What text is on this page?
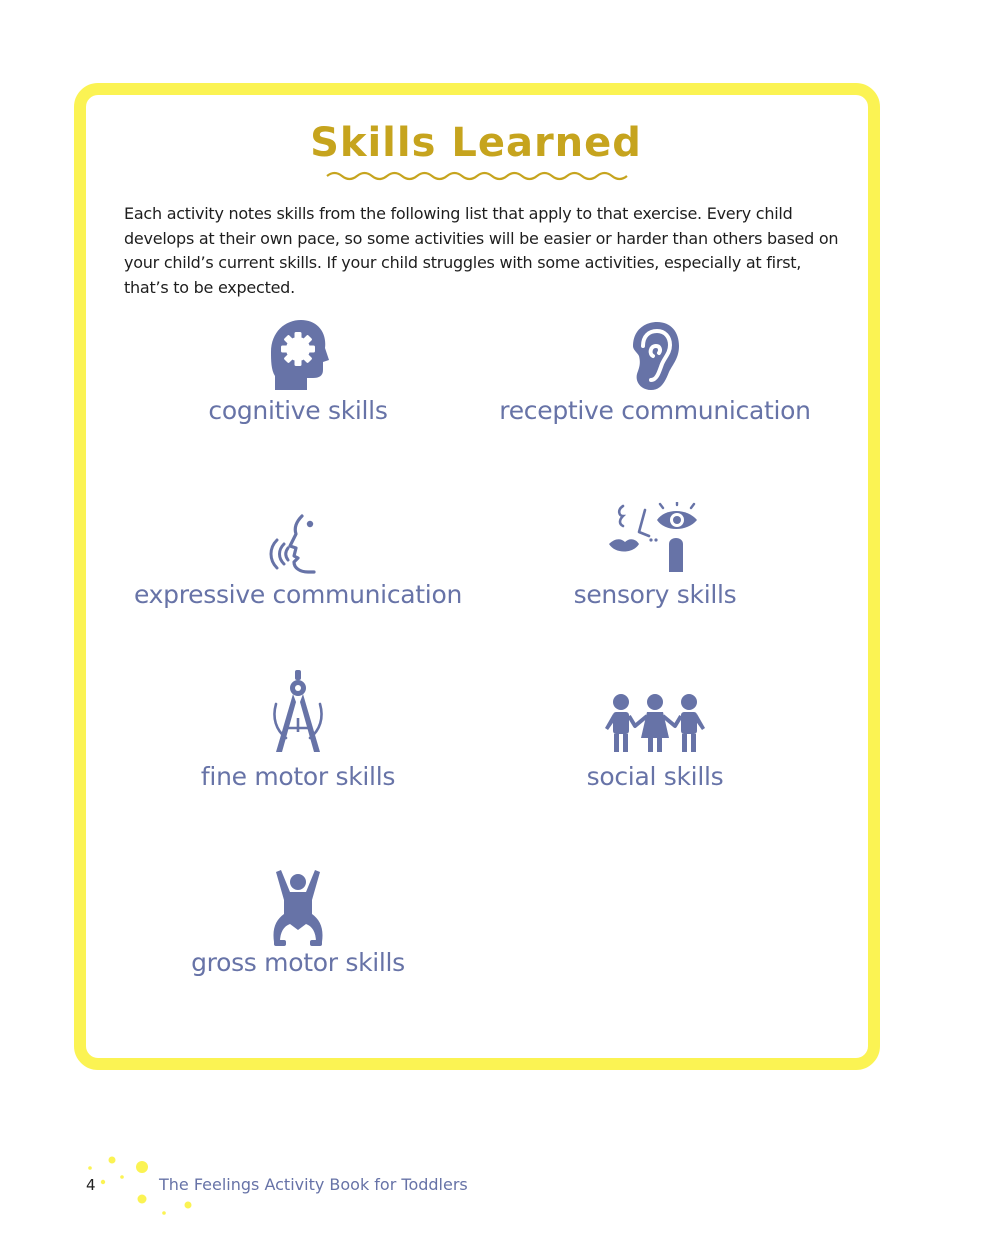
Skills Learned

Each activity notes skills from the following list that apply to that exercise. Every child develops at their own pace, so some activities will be easier or harder than others based on your child’s current skills. If your child struggles with some activities, especially at first, that’s to be expected.

cognitive skills	receptive communication
expressive communication	sensory skills
fine motor skills	social skills
gross motor skills
4	The Feelings Activity Book for Toddlers
